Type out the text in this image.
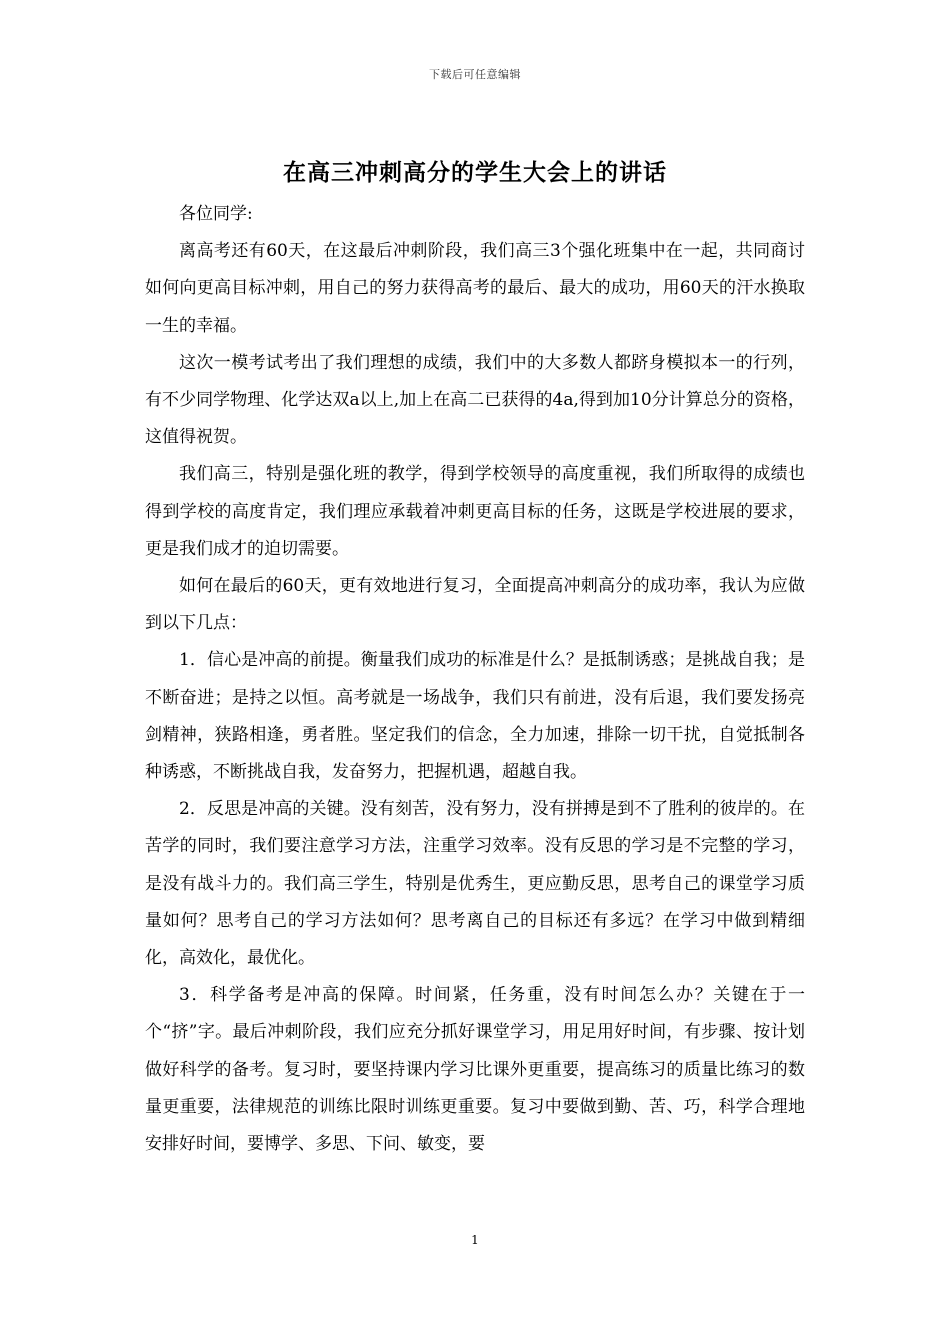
下载后可任意编辑
在高三冲刺高分的学生大会上的讲话

各位同学:

离高考还有60天，在这最后冲刺阶段，我们高三3个强化班集中在一起，共同商讨如何向更高目标冲刺，用自己的努力获得高考的最后、最大的成功，用60天的汗水换取一生的幸福。

这次一模考试考出了我们理想的成绩，我们中的大多数人都跻身模拟本一的行列，有不少同学物理、化学达双a以上,加上在高二已获得的4a,得到加10分计算总分的资格，这值得祝贺。

我们高三，特别是强化班的教学，得到学校领导的高度重视，我们所取得的成绩也得到学校的高度肯定，我们理应承载着冲刺更高目标的任务，这既是学校进展的要求，更是我们成才的迫切需要。

如何在最后的60天，更有效地进行复习，全面提高冲刺高分的成功率，我认为应做到以下几点：

1．信心是冲高的前提。衡量我们成功的标准是什么？是抵制诱惑；是挑战自我；是不断奋进；是持之以恒。高考就是一场战争，我们只有前进，没有后退，我们要发扬亮剑精神，狭路相逢，勇者胜。坚定我们的信念，全力加速，排除一切干扰，自觉抵制各种诱惑，不断挑战自我，发奋努力，把握机遇，超越自我。

2．反思是冲高的关键。没有刻苦，没有努力，没有拼搏是到不了胜利的彼岸的。在苦学的同时，我们要注意学习方法，注重学习效率。没有反思的学习是不完整的学习，是没有战斗力的。我们高三学生，特别是优秀生，更应勤反思，思考自己的课堂学习质量如何？思考自己的学习方法如何？思考离自己的目标还有多远？在学习中做到精细化，高效化，最优化。

3．科学备考是冲高的保障。时间紧，任务重，没有时间怎么办？关键在于一个“挤”字。最后冲刺阶段，我们应充分抓好课堂学习，用足用好时间，有步骤、按计划做好科学的备考。复习时，要坚持课内学习比课外更重要，提高练习的质量比练习的数量更重要，法律规范的训练比限时训练更重要。复习中要做到勤、苦、巧，科学合理地安排好时间，要博学、多思、下问、敏变，要

1
